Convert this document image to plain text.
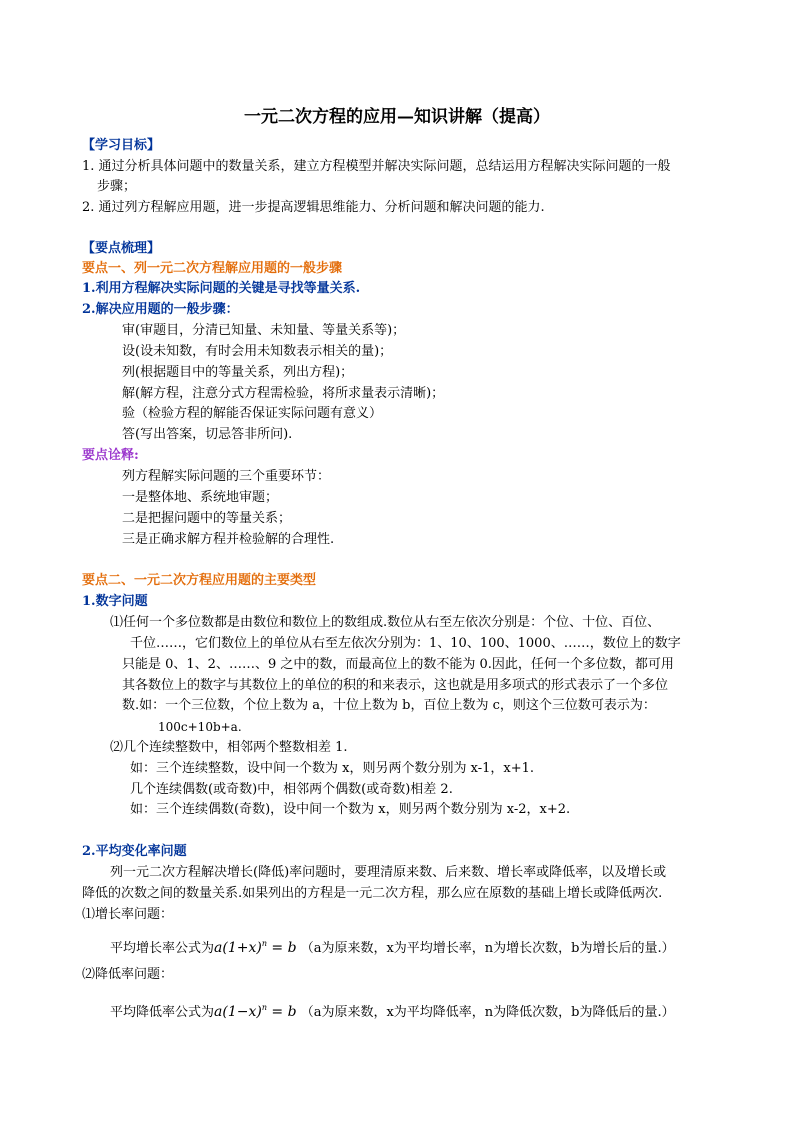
一元二次方程的应用—知识讲解（提高）
【学习目标】
1. 通过分析具体问题中的数量关系，建立方程模型并解决实际问题，总结运用方程解决实际问题的一般
步骤；
2. 通过列方程解应用题，进一步提高逻辑思维能力、分析问题和解决问题的能力.
【要点梳理】
要点一、列一元二次方程解应用题的一般步骤
1.利用方程解决实际问题的关键是寻找等量关系.
2.解决应用题的一般步骤：
审(审题目，分清已知量、未知量、等量关系等)；
设(设未知数，有时会用未知数表示相关的量)；
列(根据题目中的等量关系，列出方程)；
解(解方程，注意分式方程需检验，将所求量表示清晰)；
验（检验方程的解能否保证实际问题有意义）
答(写出答案，切忌答非所问).
要点诠释:
列方程解实际问题的三个重要环节：
一是整体地、系统地审题；
二是把握问题中的等量关系；
三是正确求解方程并检验解的合理性.
要点二、一元二次方程应用题的主要类型
1.数字问题
⑴任何一个多位数都是由数位和数位上的数组成.数位从右至左依次分别是：个位、十位、百位、
千位……，它们数位上的单位从右至左依次分别为：1、10、100、1000、……，数位上的数字
只能是 0、1、2、……、9 之中的数，而最高位上的数不能为 0.因此，任何一个多位数，都可用
其各数位上的数字与其数位上的单位的积的和来表示，这也就是用多项式的形式表示了一个多位
数.如：一个三位数，个位上数为 a，十位上数为 b，百位上数为 c，则这个三位数可表示为：
100c+10b+a.
⑵几个连续整数中，相邻两个整数相差 1.
如：三个连续整数，设中间一个数为 x，则另两个数分别为 x-1，x+1.
几个连续偶数(或奇数)中，相邻两个偶数(或奇数)相差 2.
如：三个连续偶数(奇数)，设中间一个数为 x，则另两个数分别为 x-2，x+2.
2.平均变化率问题
列一元二次方程解决增长(降低)率问题时，要理清原来数、后来数、增长率或降低率，以及增长或
降低的次数之间的数量关系.如果列出的方程是一元二次方程，那么应在原数的基础上增长或降低两次.
⑴增长率问题：
平均增长率公式为$a(1+x)^n = b$ （a为原来数，x为平均增长率，n为增长次数，b为增长后的量.）
⑵降低率问题：
平均降低率公式为$a(1-x)^n = b$ （a为原来数，x为平均降低率，n为降低次数，b为降低后的量.）
